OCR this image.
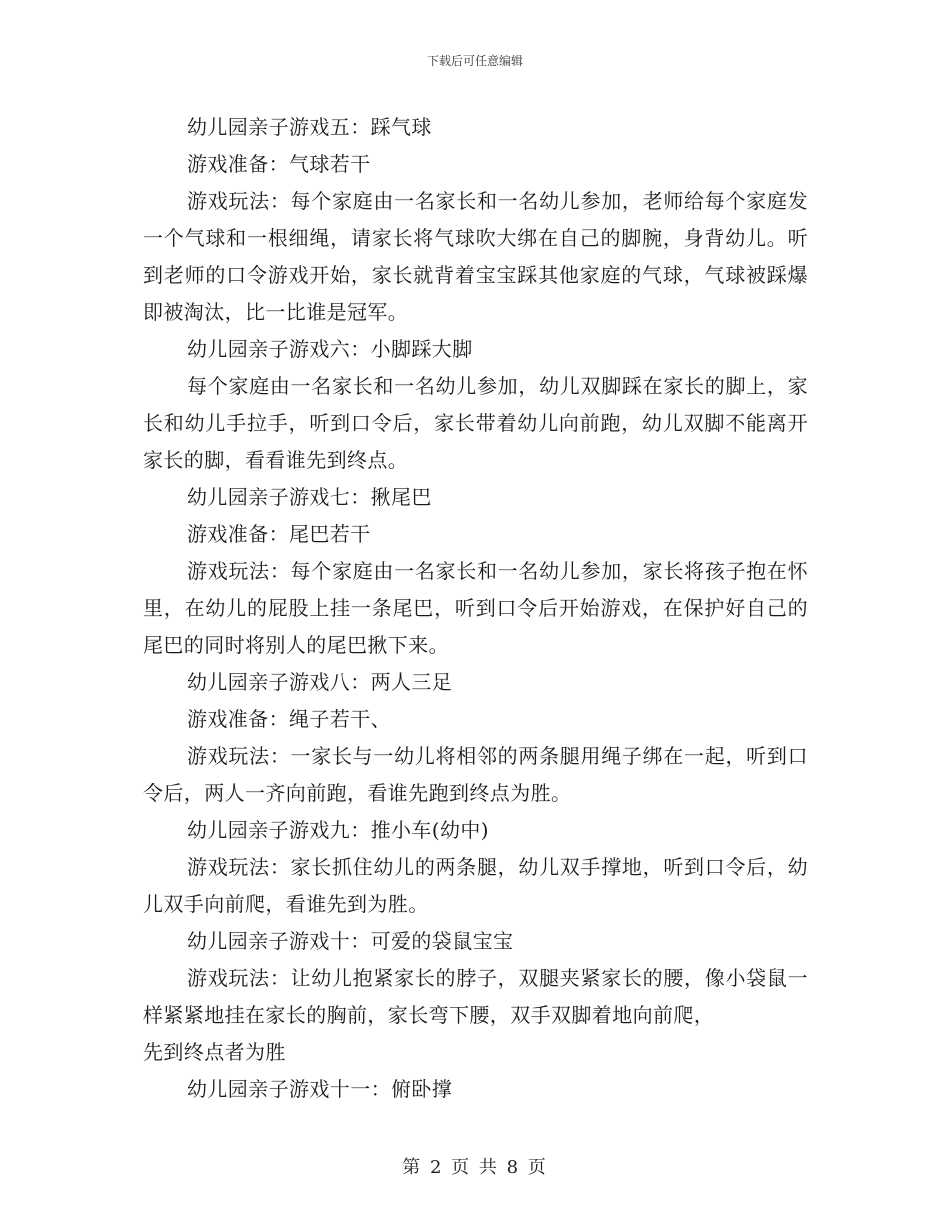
下载后可任意编辑

幼儿园亲子游戏五：踩气球

游戏准备：气球若干

游戏玩法：每个家庭由一名家长和一名幼儿参加，老师给每个家庭发一个气球和一根细绳，请家长将气球吹大绑在自己的脚腕，身背幼儿。听到老师的口令游戏开始，家长就背着宝宝踩其他家庭的气球，气球被踩爆即被淘汰，比一比谁是冠军。

幼儿园亲子游戏六：小脚踩大脚

每个家庭由一名家长和一名幼儿参加，幼儿双脚踩在家长的脚上，家长和幼儿手拉手，听到口令后，家长带着幼儿向前跑，幼儿双脚不能离开家长的脚，看看谁先到终点。

幼儿园亲子游戏七：揪尾巴

游戏准备：尾巴若干

游戏玩法：每个家庭由一名家长和一名幼儿参加，家长将孩子抱在怀里，在幼儿的屁股上挂一条尾巴，听到口令后开始游戏，在保护好自己的尾巴的同时将别人的尾巴揪下来。

幼儿园亲子游戏八：两人三足

游戏准备：绳子若干、

游戏玩法：一家长与一幼儿将相邻的两条腿用绳子绑在一起，听到口令后，两人一齐向前跑，看谁先跑到终点为胜。

幼儿园亲子游戏九：推小车(幼中)

游戏玩法：家长抓住幼儿的两条腿，幼儿双手撑地，听到口令后，幼儿双手向前爬，看谁先到为胜。

幼儿园亲子游戏十：可爱的袋鼠宝宝

游戏玩法：让幼儿抱紧家长的脖子，双腿夹紧家长的腰，像小袋鼠一样紧紧地挂在家长的胸前，家长弯下腰，双手双脚着地向前爬，

先到终点者为胜

幼儿园亲子游戏十一：俯卧撑

第 2 页 共 8 页
